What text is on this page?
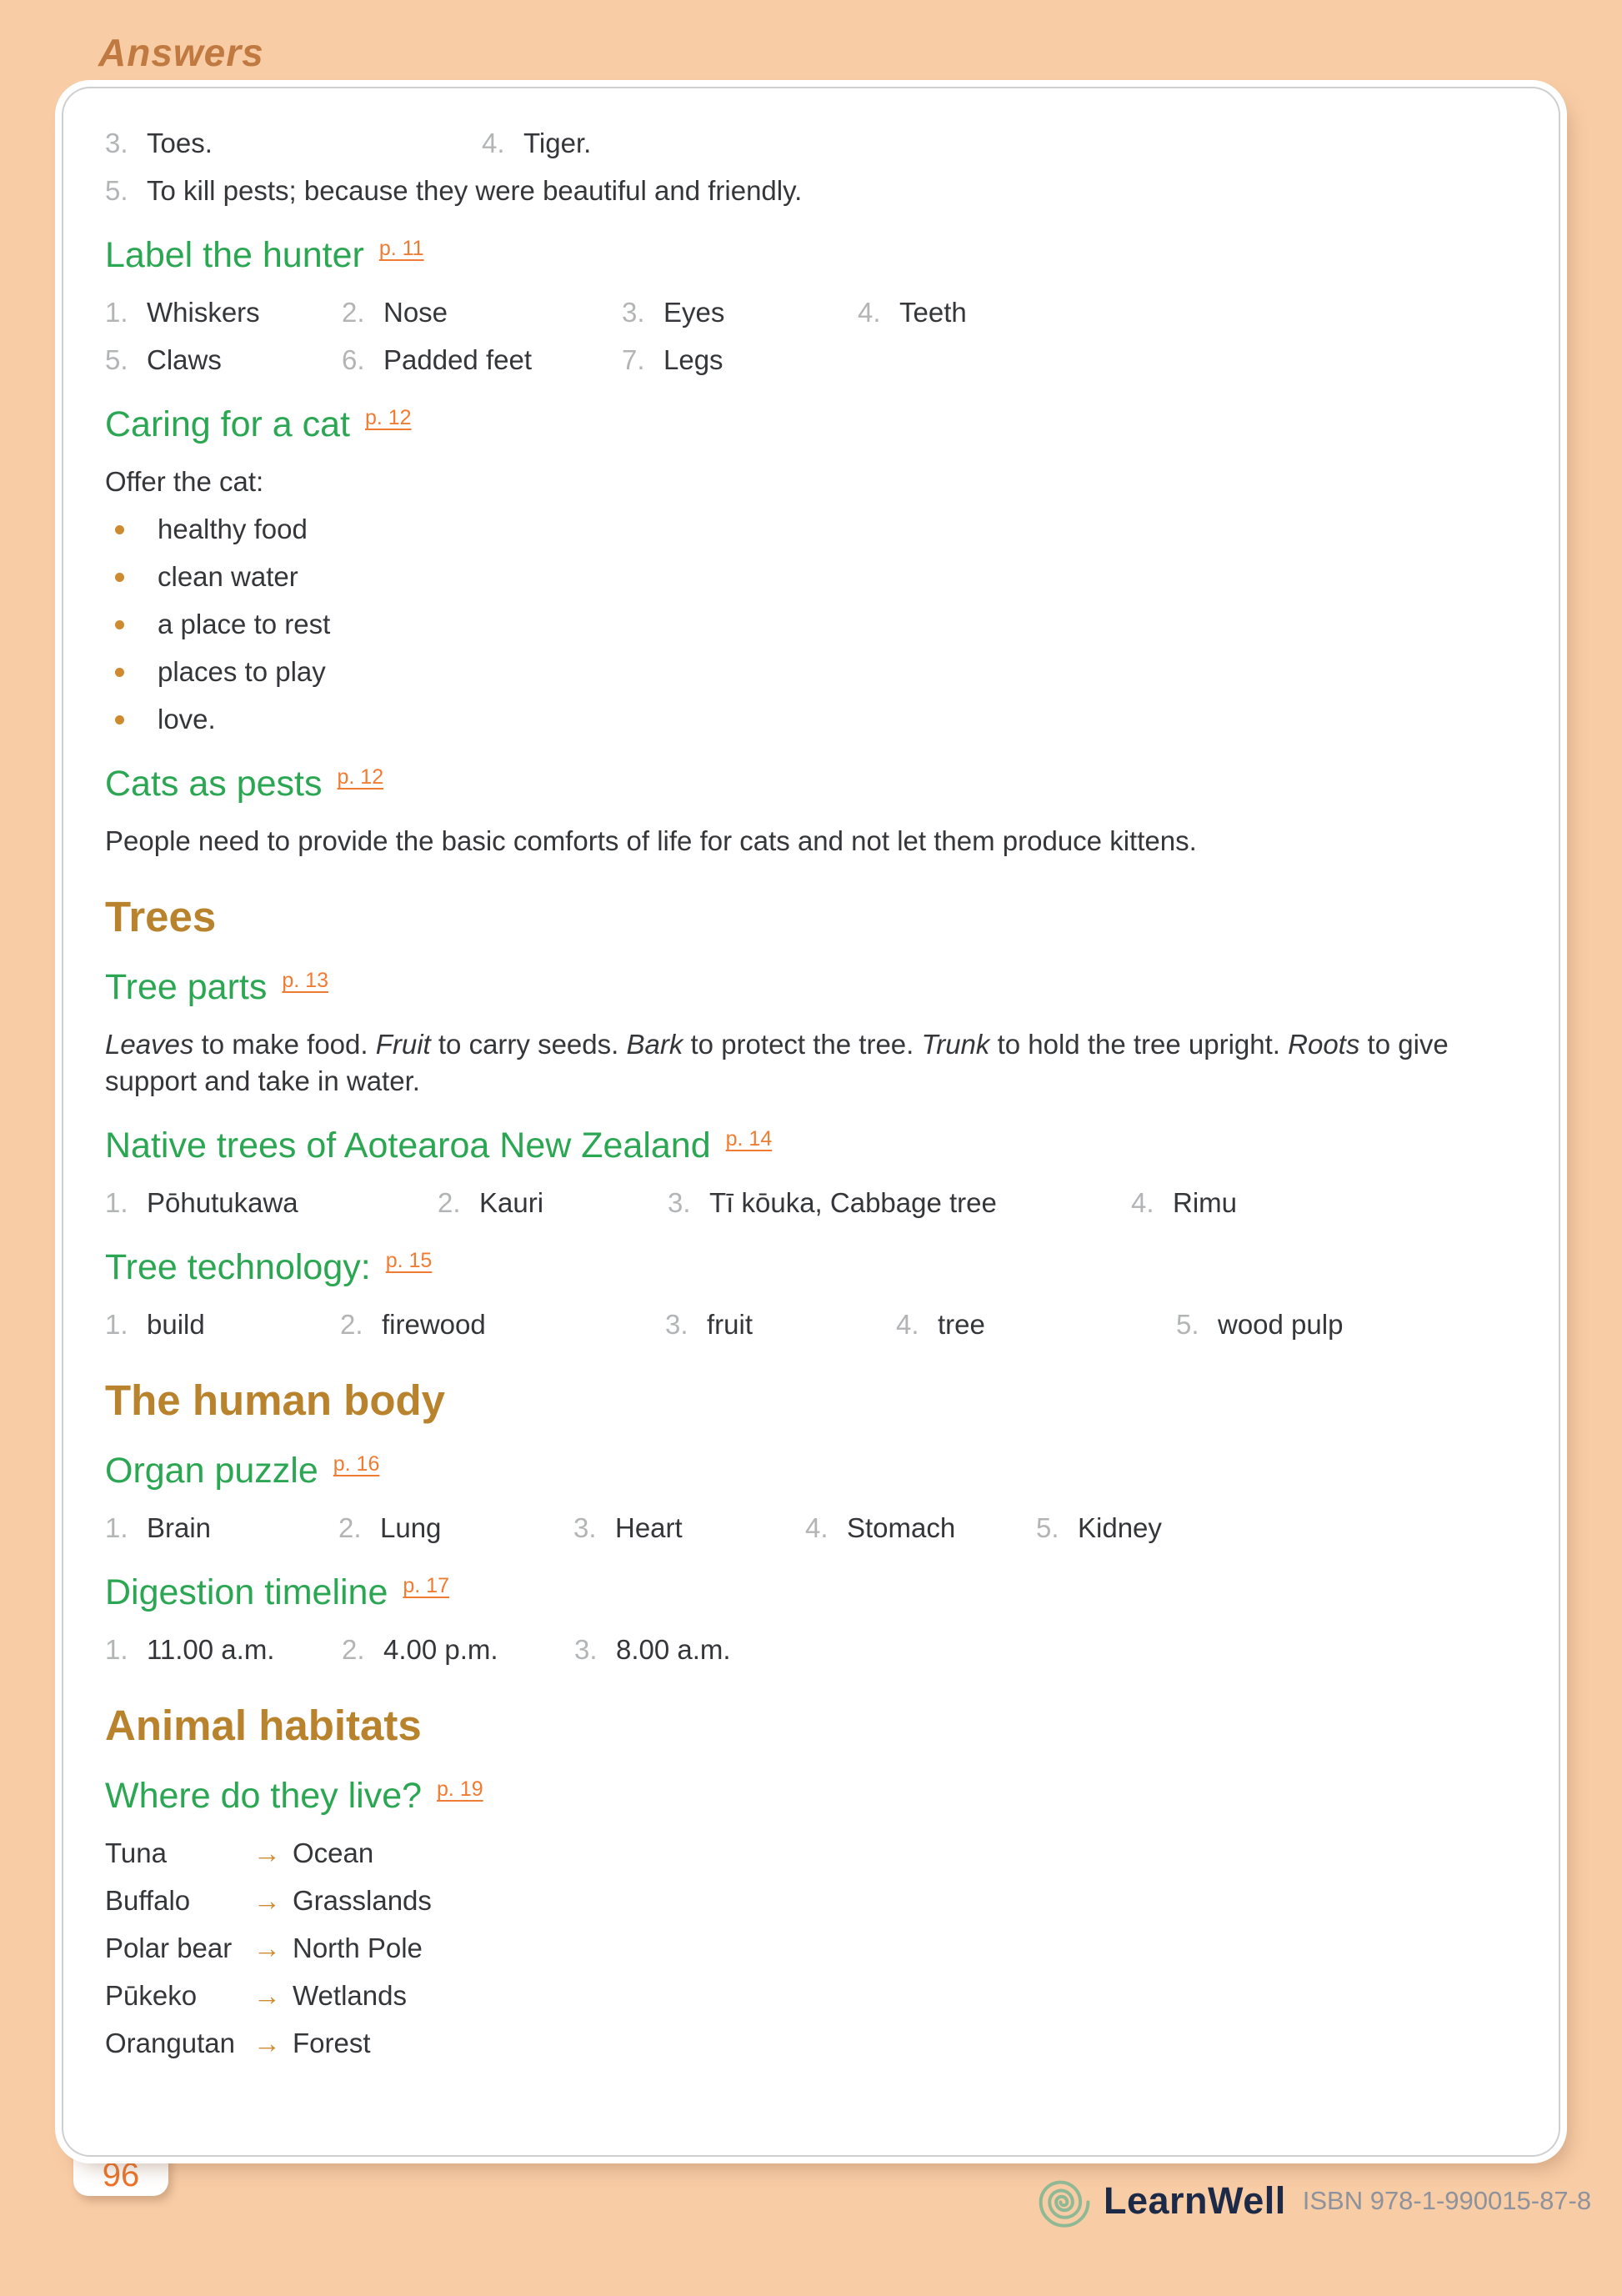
Answers
3. Toes.	4. Tiger.
5. To kill pests; because they were beautiful and friendly.
Label the hunter $^{p. 11}$
1. Whiskers	2. Nose	3. Eyes	4. Teeth
5. Claws	6. Padded feet	7. Legs
Caring for a cat $^{p. 12}$

Offer the cat:

healthy food
clean water
a place to rest
places to play
love.
Cats as pests $^{p. 12}$

People need to provide the basic comforts of life for cats and not let them produce kittens.

Trees
Tree parts $^{p. 13}$

Leaves to make food. Fruit to carry seeds. Bark to protect the tree. Trunk to hold the tree upright. Roots to give support and take in water.

Native trees of Aotearoa New Zealand $^{p. 14}$
1. Pōhutukawa	2. Kauri	3. Tī kōuka, Cabbage tree	4. Rimu
Tree technology: $^{p. 15}$
1. build	2. firewood	3. fruit	4. tree	5. wood pulp
The human body
Organ puzzle $^{p. 16}$
1. Brain	2. Lung	3. Heart	4. Stomach	5. Kidney
Digestion timeline $^{p. 17}$
1. 11.00 a.m. 2. 4.00 p.m.	3. 8.00 a.m.
Animal habitats
Where do they live? $^{p. 19}$
Tuna	→ Ocean
Buffalo	→ Grasslands
Polar bear → North Pole
Pūkeko	→ Wetlands
Orangutan → Forest
96
LearnWell ISBN 978-1-990015-87-8
